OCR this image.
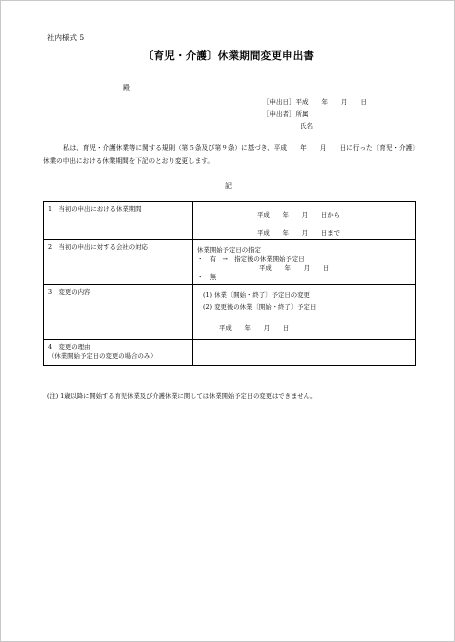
社内様式 5
〔育児・介護〕休業期間変更申出書
殿
［申出日］平成　　年　　月　　日
［申出者］所属
氏名
私は、育児・介護休業等に関する規則（第５条及び第９条）に基づき、平成　　年　　月　　日に行った〔育児・介護〕休業の申出における休業期間を下記のとおり変更します。
記
1　当初の申出における休業期間	平成　　年　　月　　日から
平成　　年　　月　　日まで

2　当初の申出に対する会社の対応	休業開始予定日の指定
・　有　→　指定後の休業開始予定日
平成　　年　　月　　日
・　無

3　変更の内容	(1) 休業〔開始・終了〕予定日の変更
(2) 変更後の休業〔開始・終了〕予定日
平成　　年　　月　　日

4　変更の理由
（休業開始予定日の変更の場合のみ）	

(注) 1歳以降に開始する育児休業及び介護休業に関しては休業開始予定日の変更はできません。
